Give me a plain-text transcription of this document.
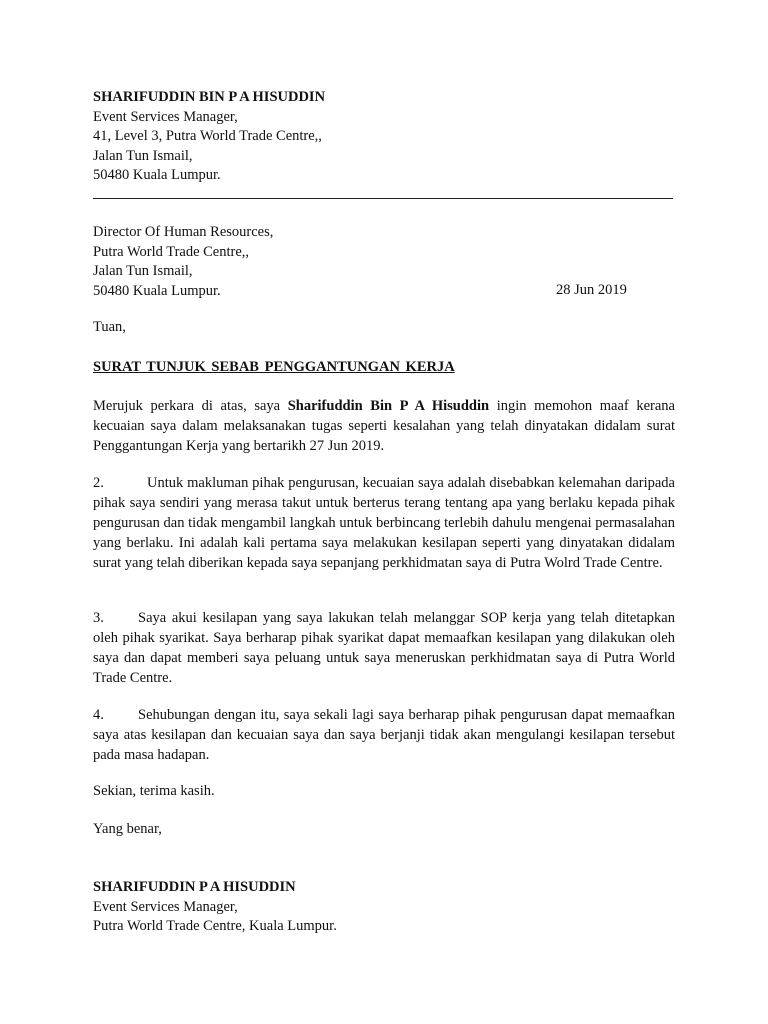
SHARIFUDDIN BIN P A HISUDDIN
Event Services Manager,
41, Level 3, Putra World Trade Centre,,
Jalan Tun Ismail,
50480 Kuala Lumpur.
Director Of Human Resources,
Putra World Trade Centre,,
Jalan Tun Ismail,
50480 Kuala Lumpur.	28 Jun 2019
Tuan,
SURAT TUNJUK SEBAB PENGGANTUNGAN KERJA
Merujuk perkara di atas, saya Sharifuddin Bin P A Hisuddin ingin memohon maaf kerana kecuaian saya dalam melaksanakan tugas seperti kesalahan yang telah dinyatakan didalam surat Penggantungan Kerja yang bertarikh 27 Jun 2019.
2.	Untuk makluman pihak pengurusan, kecuaian saya adalah disebabkan kelemahan daripada pihak saya sendiri yang merasa takut untuk berterus terang tentang apa yang berlaku kepada pihak pengurusan dan tidak mengambil langkah untuk berbincang terlebih dahulu mengenai permasalahan yang berlaku. Ini adalah kali pertama saya melakukan kesilapan seperti yang dinyatakan didalam surat yang telah diberikan kepada saya sepanjang perkhidmatan saya di Putra Wolrd Trade Centre.
3. Saya akui kesilapan yang saya lakukan telah melanggar SOP kerja yang telah ditetapkan oleh pihak syarikat. Saya berharap pihak syarikat dapat memaafkan kesilapan yang dilakukan oleh saya dan dapat memberi saya peluang untuk saya meneruskan perkhidmatan saya di Putra World Trade Centre.
4. Sehubungan dengan itu, saya sekali lagi saya berharap pihak pengurusan dapat memaafkan saya atas kesilapan dan kecuaian saya dan saya berjanji tidak akan mengulangi kesilapan tersebut pada masa hadapan.
Sekian, terima kasih.
Yang benar,
SHARIFUDDIN P A HISUDDIN
Event Services Manager,
Putra World Trade Centre, Kuala Lumpur.
